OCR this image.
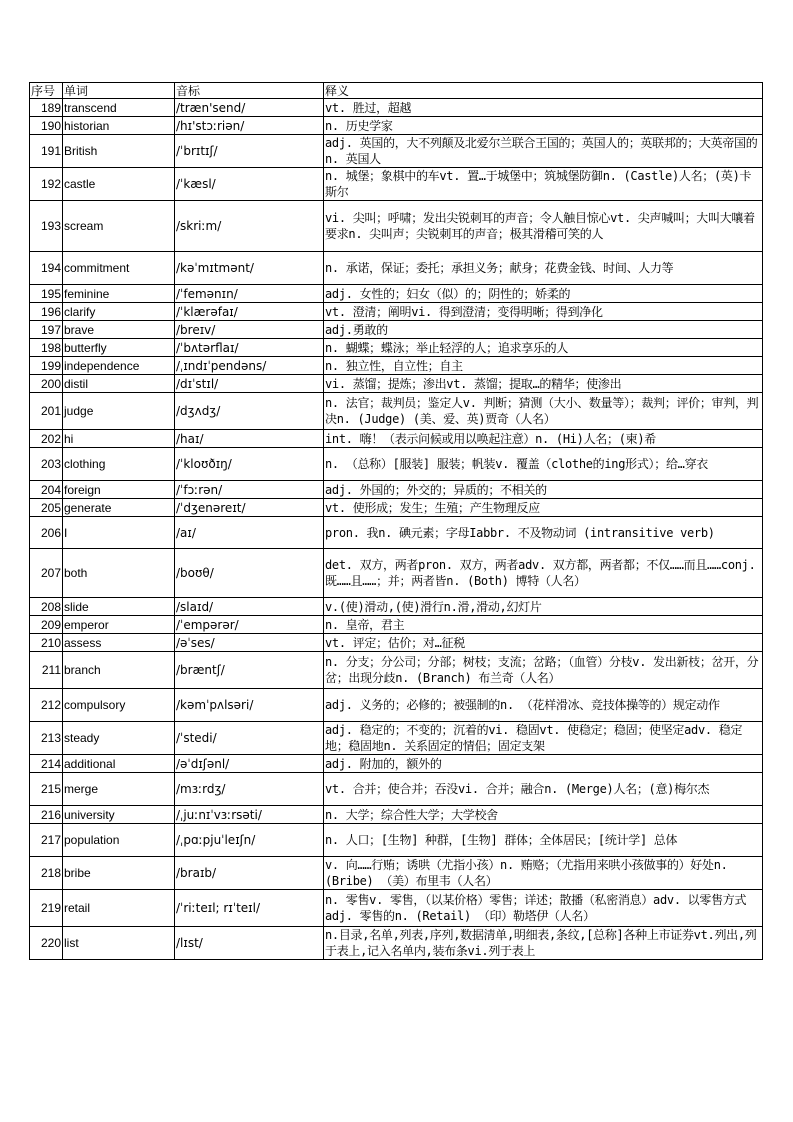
序号	单词	音标	释义
189	transcend	/træn'send/	vt. 胜过，超越

190	historian	/hɪ'stɔːriən/	n. 历史学家

191	British	/ˈbrɪtɪʃ/	adj. 英国的，大不列颠及北爱尔兰联合王国的；英国人的；英联邦的；大英帝国的n. 英国人

192	castle	/ˈkæsl/	n. 城堡；象棋中的车vt. 置…于城堡中；筑城堡防御n. (Castle)人名；(英)卡斯尔

193	scream	/skriːm/	vi. 尖叫；呼啸；发出尖锐刺耳的声音；令人触目惊心vt. 尖声喊叫；大叫大嚷着要求n. 尖叫声；尖锐刺耳的声音；极其滑稽可笑的人

194	commitment	/kəˈmɪtmənt/	n. 承诺，保证；委托；承担义务；献身；花费金钱、时间、人力等

195	feminine	/ˈfemənɪn/	adj. 女性的；妇女（似）的；阴性的；娇柔的

196	clarify	/ˈklærəfaɪ/	vt. 澄清；阐明vi. 得到澄清；变得明晰；得到净化

197	brave	/breɪv/	adj.勇敢的

198	butterfly	/ˈbʌtərflaɪ/	n. 蝴蝶；蝶泳；举止轻浮的人；追求享乐的人

199	independence	/ˌɪndɪˈpendəns/	n. 独立性，自立性；自主

200	distil	/dɪˈstɪl/	vi. 蒸馏；提炼；渗出vt. 蒸馏；提取…的精华；使渗出

201	judge	/dʒʌdʒ/	n. 法官；裁判员；鉴定人v. 判断；猜测（大小、数量等）；裁判；评价；审判，判决n. (Judge) (美、爱、英)贾奇（人名）

202	hi	/haɪ/	int. 嗨！（表示问候或用以唤起注意）n. (Hi)人名；(柬)希

203	clothing	/ˈkloʊðɪŋ/	n. （总称）[服装] 服装；帆装v. 覆盖（clothe的ing形式）；给…穿衣

204	foreign	/ˈfɔːrən/	adj. 外国的；外交的；异质的；不相关的

205	generate	/ˈdʒenəreɪt/	vt. 使形成；发生；生殖；产生物理反应

206	I	/aɪ/	pron. 我n. 碘元素；字母Iabbr. 不及物动词 (intransitive verb)

207	both	/boʊθ/	det. 双方，两者pron. 双方，两者adv. 双方都，两者都；不仅……而且……conj. 既……且……；并；两者皆n. (Both) 博特（人名）

208	slide	/slaɪd/	v.(使)滑动,(使)滑行n.滑,滑动,幻灯片

209	emperor	/ˈempərər/	n. 皇帝，君主

210	assess	/əˈses/	vt. 评定；估价；对…征税

211	branch	/bræntʃ/	n. 分支；分公司；分部；树枝；支流；岔路；（血管）分枝v. 发出新枝；岔开，分岔；出现分歧n. (Branch) 布兰奇（人名）

212	compulsory	/kəmˈpʌlsəri/	adj. 义务的；必修的；被强制的n. （花样滑冰、竞技体操等的）规定动作

213	steady	/ˈstedi/	adj. 稳定的；不变的；沉着的vi. 稳固vt. 使稳定；稳固；使坚定adv. 稳定地；稳固地n. 关系固定的情侣；固定支架

214	additional	/əˈdɪʃənl/	adj. 附加的，额外的

215	merge	/mɜːrdʒ/	vt. 合并；使合并；吞没vi. 合并；融合n. (Merge)人名；(意)梅尔杰

216	university	/ˌjuːnɪˈvɜːrsəti/	n. 大学；综合性大学；大学校舍

217	population	/ˌpɑːpjuˈleɪʃn/	n. 人口；[生物] 种群，[生物] 群体；全体居民；[统计学] 总体

218	bribe	/braɪb/	v. 向……行贿；诱哄（尤指小孩）n. 贿赂；（尤指用来哄小孩做事的）好处n. (Bribe) （美）布里韦（人名）

219	retail	/ˈriːteɪl; rɪˈteɪl/	n. 零售v. 零售，（以某价格）零售；详述；散播（私密消息）adv. 以零售方式adj. 零售的n. (Retail) （印）勒塔伊（人名）

220	list	/lɪst/	n.目录,名单,列表,序列,数据清单,明细表,条纹,[总称]各种上市证券vt.列出,列于表上,记入名单内,装布条vi.列于表上
